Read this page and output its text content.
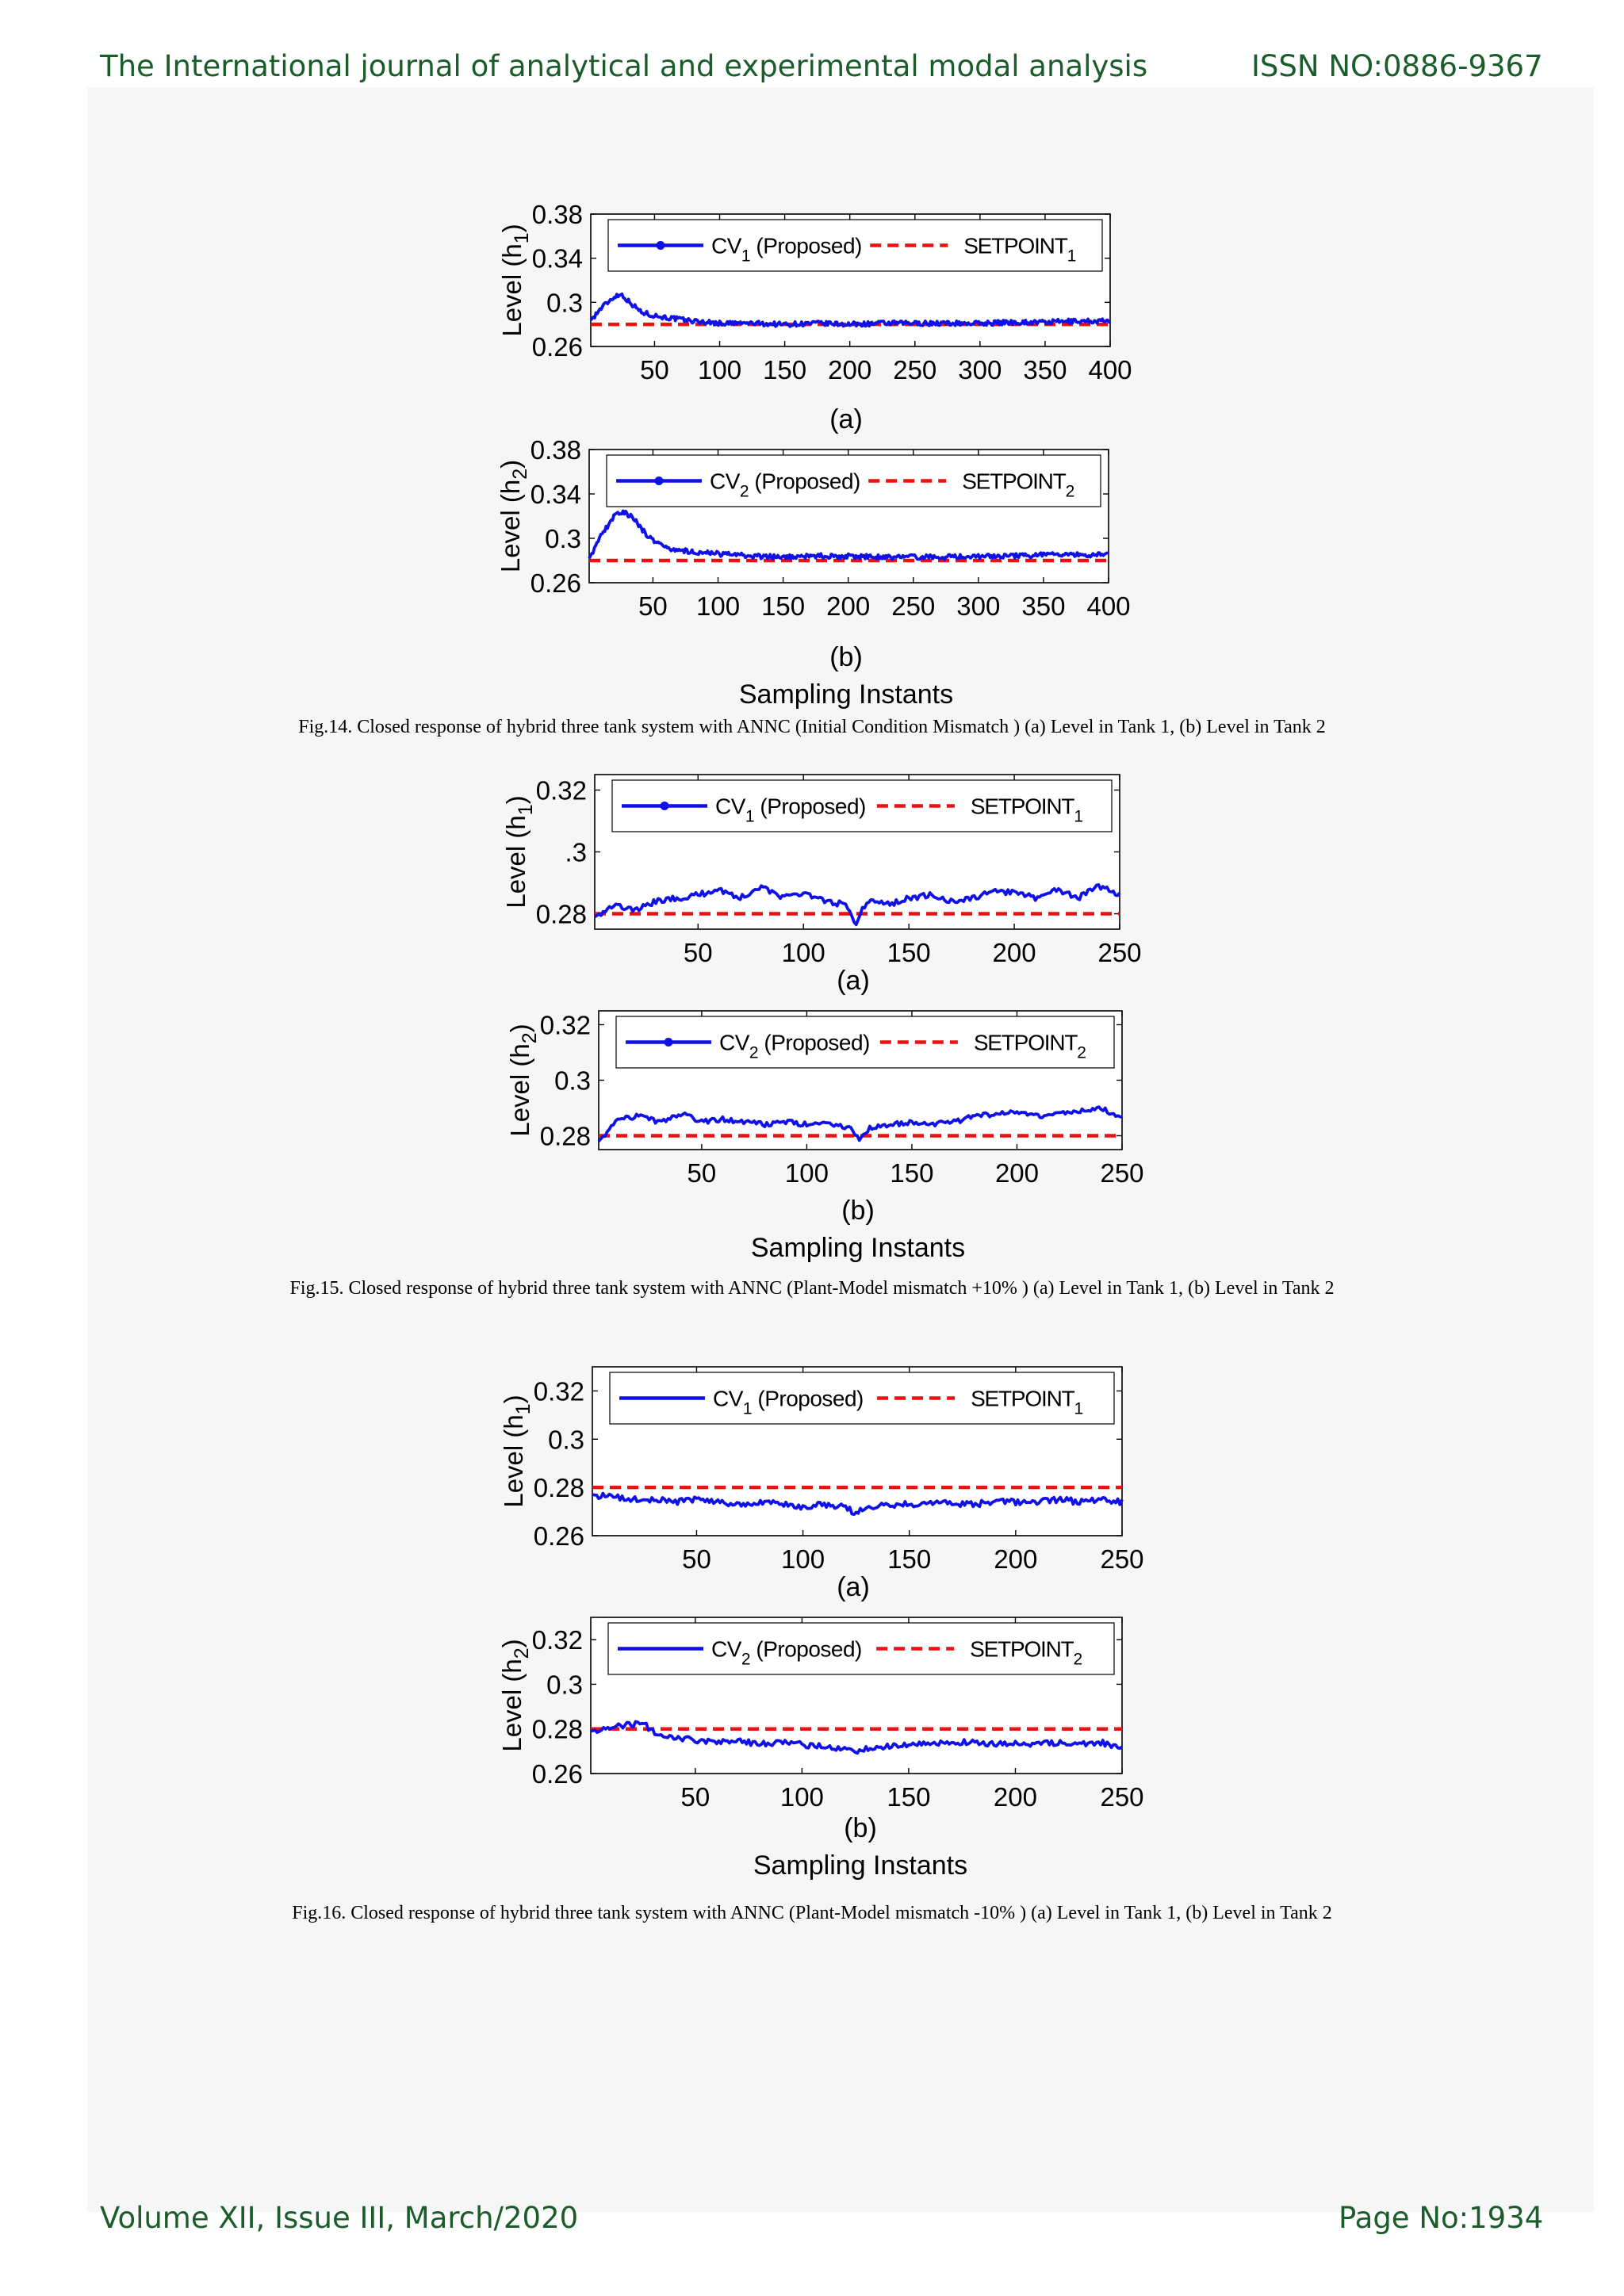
The International journal of analytical and experimental modal analysis	ISSN NO:0886-9367
0.38
0.34
0.3
0.26
50 100 150 200 250 300 350 400
$CV_1$ (Proposed)	$SETPOINT_1$
Level $(h_1)$
0.38
0.34
0.3
0.26
50 100 150 200 250 300 350 400
$CV_2$ (Proposed)	$SETPOINT_2$
Level $(h_2)$
(a)
(b)
Sampling Instants
Fig.14. Closed response of hybrid three tank system with ANNC (Initial Condition Mismatch ) (a) Level in Tank 1, (b) Level in Tank 2
0.32
.3
0.28
50	100 150 200 250
$CV_1$ (Proposed)	$SETPOINT_1$
Level $(h_1)$
0.32
0.3
0.28
50	100 150 200 250
$CV_2$ (Proposed)	$SETPOINT_2$
Level $(h_2)$
(a)
(b)
Sampling Instants
Fig.15. Closed response of hybrid three tank system with ANNC (Plant-Model mismatch +10% ) (a) Level in Tank 1, (b) Level in Tank 2
0.32
0.3
0.28
0.26
50	100 150 200 250
$CV_1$ (Proposed)	$SETPOINT_1$
Level $(h_1)$
0.32
0.3
0.28
0.26
50	100 150 200 250
$CV_2$ (Proposed)	$SETPOINT_2$
Level $(h_2)$
(a)
(b)
Sampling Instants
Fig.16. Closed response of hybrid three tank system with ANNC (Plant-Model mismatch -10% ) (a) Level in Tank 1, (b) Level in Tank 2
Volume XII, Issue III, March/2020	Page No:1934
